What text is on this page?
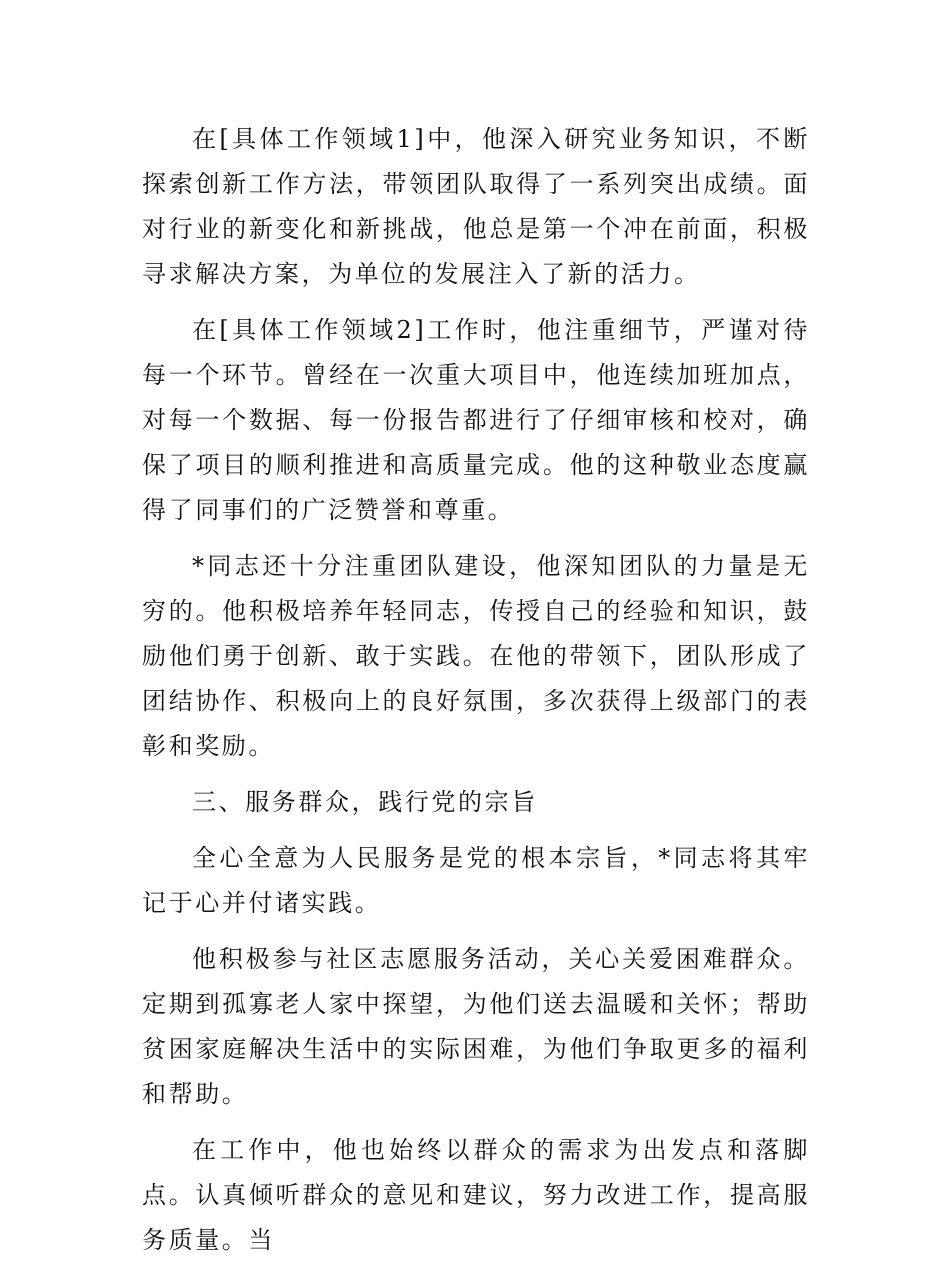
在[具体工作领域1]中，他深入研究业务知识，不断探索创新工作方法，带领团队取得了一系列突出成绩。面对行业的新变化和新挑战，他总是第一个冲在前面，积极寻求解决方案，为单位的发展注入了新的活力。

在[具体工作领域2]工作时，他注重细节，严谨对待每一个环节。曾经在一次重大项目中，他连续加班加点，对每一个数据、每一份报告都进行了仔细审核和校对，确保了项目的顺利推进和高质量完成。他的这种敬业态度赢得了同事们的广泛赞誉和尊重。

*同志还十分注重团队建设，他深知团队的力量是无穷的。他积极培养年轻同志，传授自己的经验和知识，鼓励他们勇于创新、敢于实践。在他的带领下，团队形成了团结协作、积极向上的良好氛围，多次获得上级部门的表彰和奖励。

三、服务群众，践行党的宗旨

全心全意为人民服务是党的根本宗旨，*同志将其牢记于心并付诸实践。

他积极参与社区志愿服务活动，关心关爱困难群众。定期到孤寡老人家中探望，为他们送去温暖和关怀；帮助贫困家庭解决生活中的实际困难，为他们争取更多的福利和帮助。

在工作中，他也始终以群众的需求为出发点和落脚点。认真倾听群众的意见和建议，努力改进工作，提高服务质量。当
